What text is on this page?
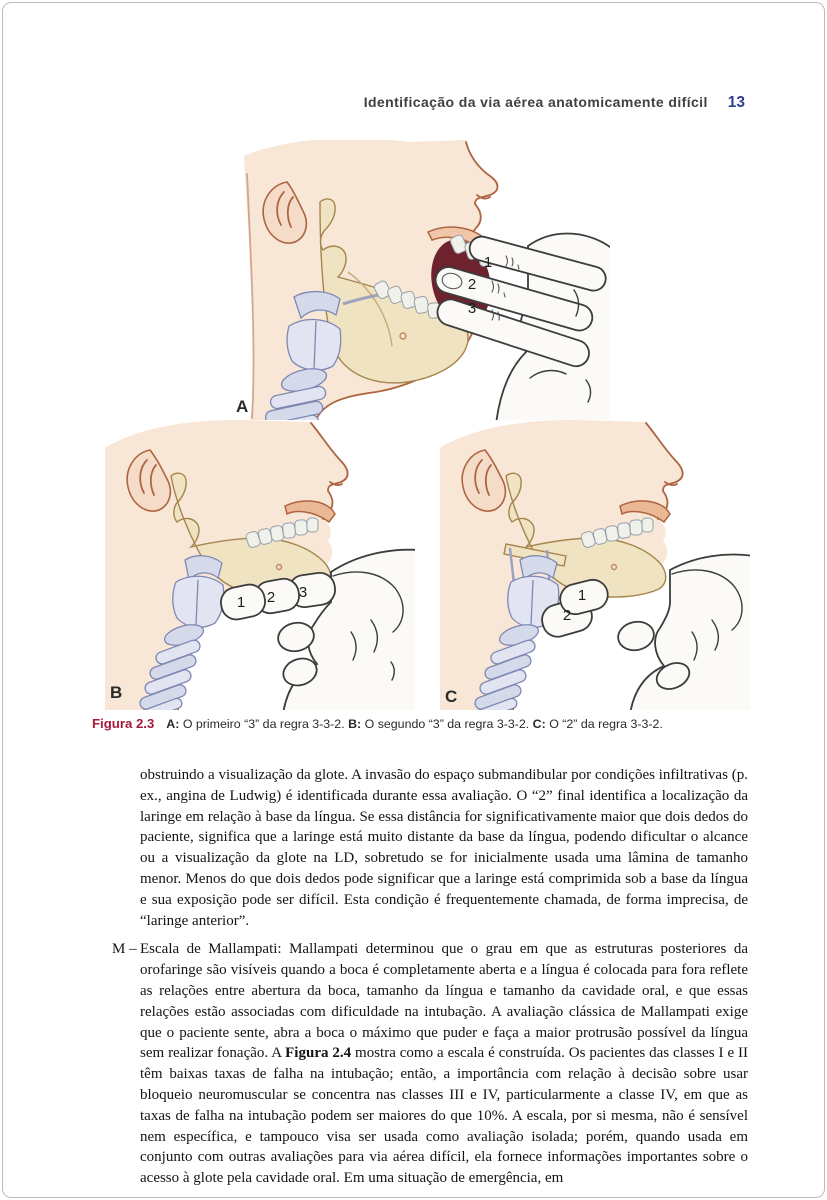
Identificação da via aérea anatomicamente difícil 13
1
2
3
A
1 2 3
B
1
2
C
Figura 2.3 A: O primeiro “3” da regra 3-3-2. B: O segundo “3” da regra 3-3-2. C: O “2” da regra 3-3-2.

obstruindo a visualização da glote. A invasão do espaço submandibular por condições infiltrativas (p. ex., angina de Ludwig) é identificada durante essa avaliação. O “2” final identifica a localização da laringe em relação à base da língua. Se essa distância for significativamente maior que dois dedos do paciente, significa que a laringe está muito distante da base da língua, podendo dificultar o alcance ou a visualização da glote na LD, sobretudo se for inicialmente usada uma lâmina de tamanho menor. Menos do que dois dedos pode significar que a laringe está comprimida sob a base da língua e sua exposição pode ser difícil. Esta condição é frequentemente chamada, de forma imprecisa, de “laringe anterior”.

M – Escala de Mallampati: Mallampati determinou que o grau em que as estruturas posteriores da orofaringe são visíveis quando a boca é completamente aberta e a língua é colocada para fora reflete as relações entre abertura da boca, tamanho da língua e tamanho da cavidade oral, e que essas relações estão associadas com dificuldade na intubação. A avaliação clássica de Mallampati exige que o paciente sente, abra a boca o máximo que puder e faça a maior protrusão possível da língua sem realizar fonação. A Figura 2.4 mostra como a escala é construída. Os pacientes das classes I e II têm baixas taxas de falha na intubação; então, a importância com relação à decisão sobre usar bloqueio neuromuscular se concentra nas classes III e IV, particularmente a classe IV, em que as taxas de falha na intubação podem ser maiores do que 10%. A escala, por si mesma, não é sensível nem específica, e tampouco visa ser usada como avaliação isolada; porém, quando usada em conjunto com outras avaliações para via aérea difícil, ela fornece informações importantes sobre o acesso à glote pela cavidade oral. Em uma situação de emergência, em
